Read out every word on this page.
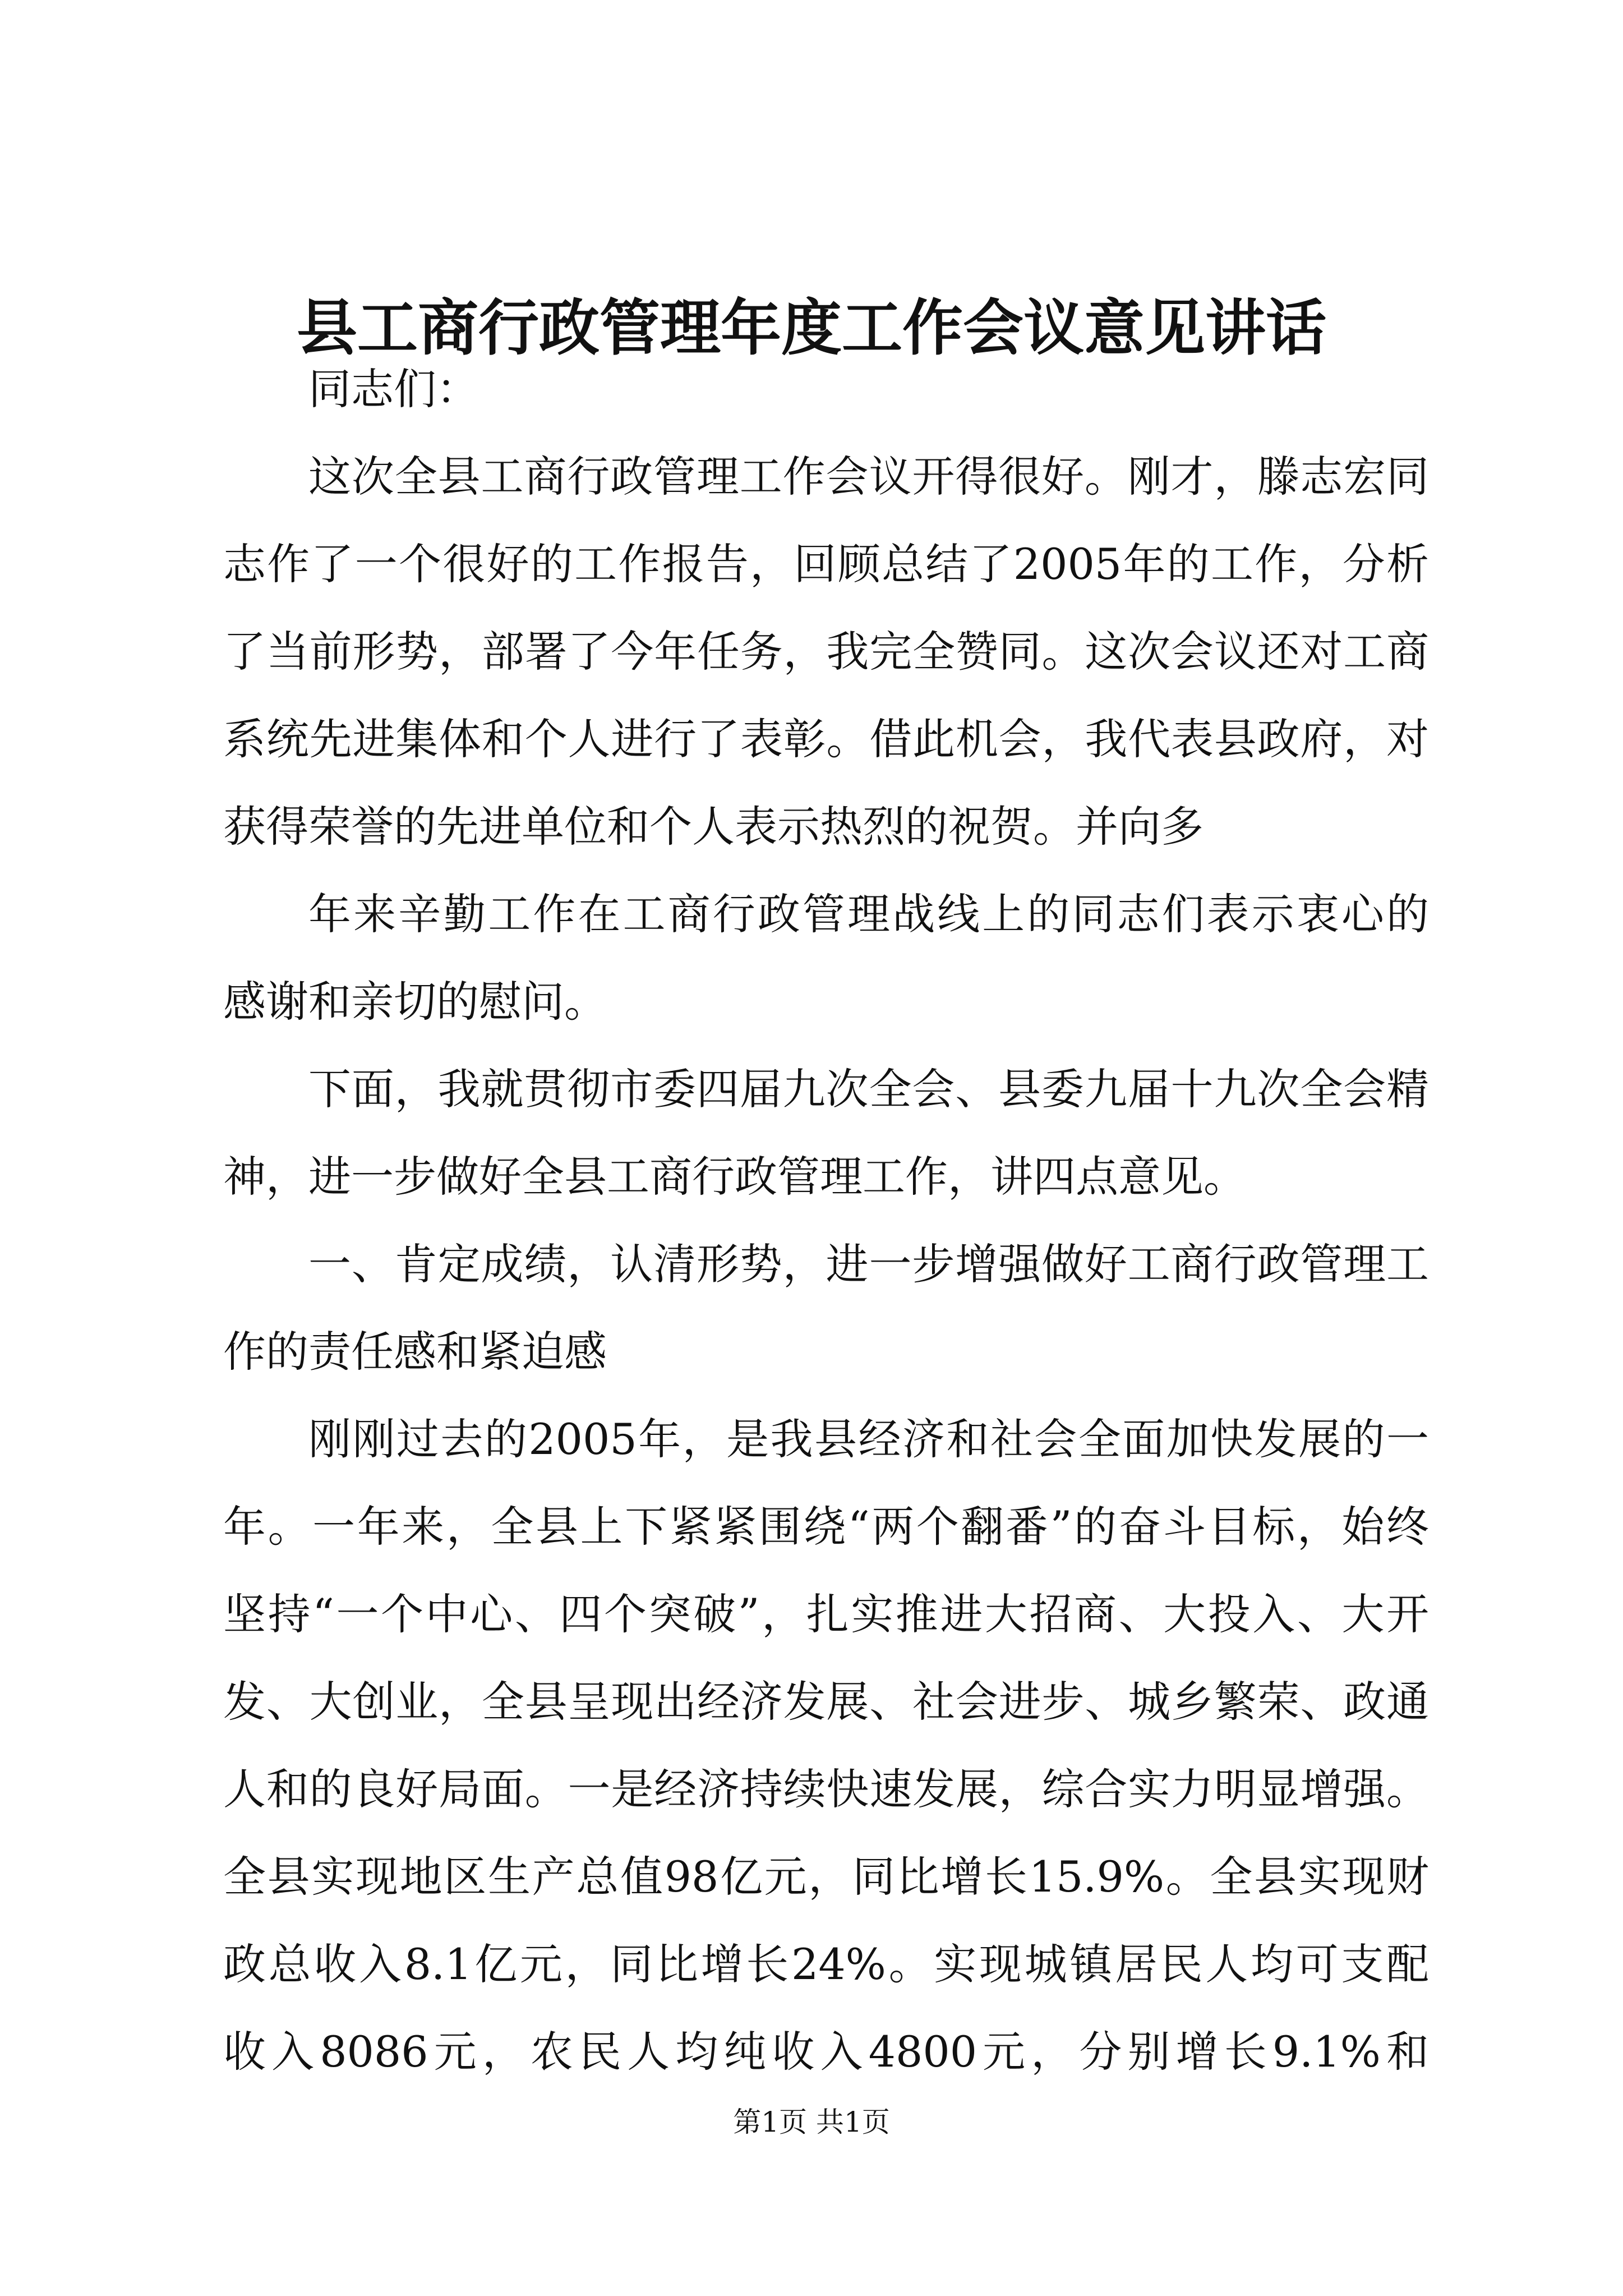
县工商行政管理年度工作会议意见讲话
同志们：
这次全县工商行政管理工作会议开得很好。刚才，滕志宏同
志作了一个很好的工作报告，回顾总结了2005年的工作，分析
了当前形势，部署了今年任务，我完全赞同。这次会议还对工商
系统先进集体和个人进行了表彰。借此机会，我代表县政府，对
获得荣誉的先进单位和个人表示热烈的祝贺。并向多
年来辛勤工作在工商行政管理战线上的同志们表示衷心的
感谢和亲切的慰问。
下面，我就贯彻市委四届九次全会、县委九届十九次全会精
神，进一步做好全县工商行政管理工作，讲四点意见。
一、肯定成绩，认清形势，进一步增强做好工商行政管理工
作的责任感和紧迫感
刚刚过去的2005年，是我县经济和社会全面加快发展的一
年。一年来，全县上下紧紧围绕“两个翻番”的奋斗目标，始终
坚持“一个中心、四个突破”，扎实推进大招商、大投入、大开
发、大创业，全县呈现出经济发展、社会进步、城乡繁荣、政通
人和的良好局面。一是经济持续快速发展，综合实力明显增强。
全县实现地区生产总值98亿元，同比增长15.9%。全县实现财
政总收入8.1亿元，同比增长24%。实现城镇居民人均可支配
收入8086元，农民人均纯收入4800元，分别增长9.1%和
第1页 共1页
